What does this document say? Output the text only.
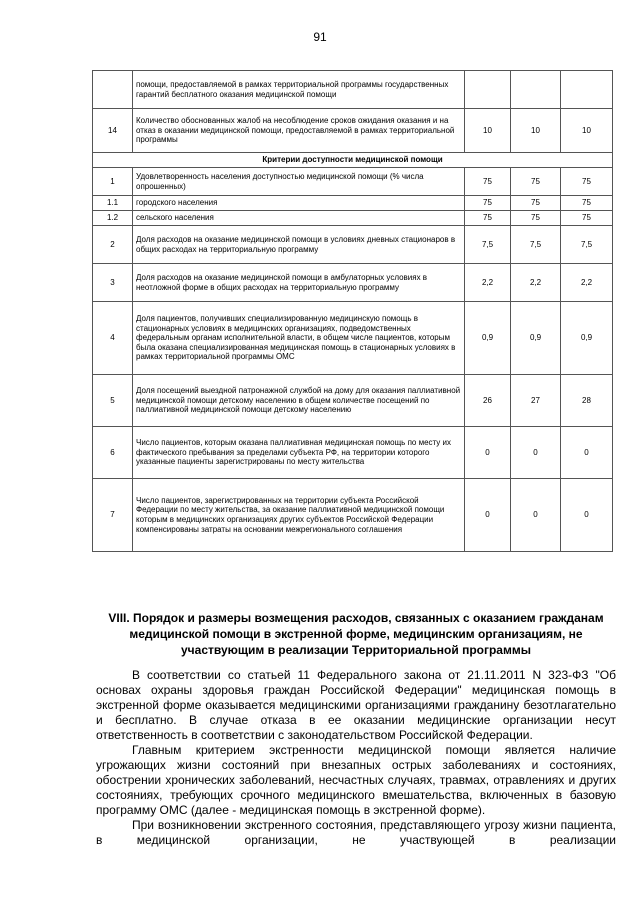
91
	помощи, предоставляемой в рамках территориальной программы государственных гарантий бесплатного оказания медицинской помощи			
14	Количество обоснованных жалоб на несоблюдение сроков ожидания оказания и на отказ в оказании медицинской помощи, предоставляемой в рамках территориальной программы	10	10	10
Критерии доступности медицинской помощи				
1	Удовлетворенность населения доступностью медицинской помощи (% числа опрошенных)	75	75	75
1.1	городского населения	75	75	75
1.2	сельского населения	75	75	75
2	Доля расходов на оказание медицинской помощи в условиях дневных стационаров в общих расходах на территориальную программу	7,5	7,5	7,5
3	Доля расходов на оказание медицинской помощи в амбулаторных условиях в неотложной форме в общих расходах на территориальную программу	2,2	2,2	2,2
4	Доля пациентов, получивших специализированную медицинскую помощь в стационарных условиях в медицинских организациях, подведомственных федеральным органам исполнительной власти, в общем числе пациентов, которым была оказана специализированная медицинская помощь в стационарных условиях в рамках территориальной программы ОМС	0,9	0,9	0,9
5	Доля посещений выездной патронажной службой на дому для оказания паллиативной медицинской помощи детскому населению в общем количестве посещений по паллиативной медицинской помощи детскому населению	26	27	28
6	Число пациентов, которым оказана паллиативная медицинская помощь по месту их фактического пребывания за пределами субъекта РФ, на территории которого указанные пациенты зарегистрированы по месту жительства	0	0	0
7	Число пациентов, зарегистрированных на территории субъекта Российской Федерации по месту жительства, за оказание паллиативной медицинской помощи которым в медицинских организациях других субъектов Российской Федерации компенсированы затраты на основании межрегионального соглашения	0	0	0
VIII. Порядок и размеры возмещения расходов, связанных с оказанием гражданам медицинской помощи в экстренной форме, медицинским организациям, не участвующим в реализации Территориальной программы

В соответствии со статьей 11 Федерального закона от 21.11.2011 N 323-ФЗ "Об основах охраны здоровья граждан Российской Федерации" медицинская помощь в экстренной форме оказывается медицинскими организациями гражданину безотлагательно и бесплатно. В случае отказа в ее оказании медицинские организации несут ответственность в соответствии с законодательством Российской Федерации.

Главным критерием экстренности медицинской помощи является наличие угрожающих жизни состояний при внезапных острых заболеваниях и состояниях, обострении хронических заболеваний, несчастных случаях, травмах, отравлениях и других состояниях, требующих срочного медицинского вмешательства, включенных в базовую программу ОМС (далее - медицинская помощь в экстренной форме).

При возникновении экстренного состояния, представляющего угрозу жизни пациента, в медицинской организации, не участвующей в реализации
